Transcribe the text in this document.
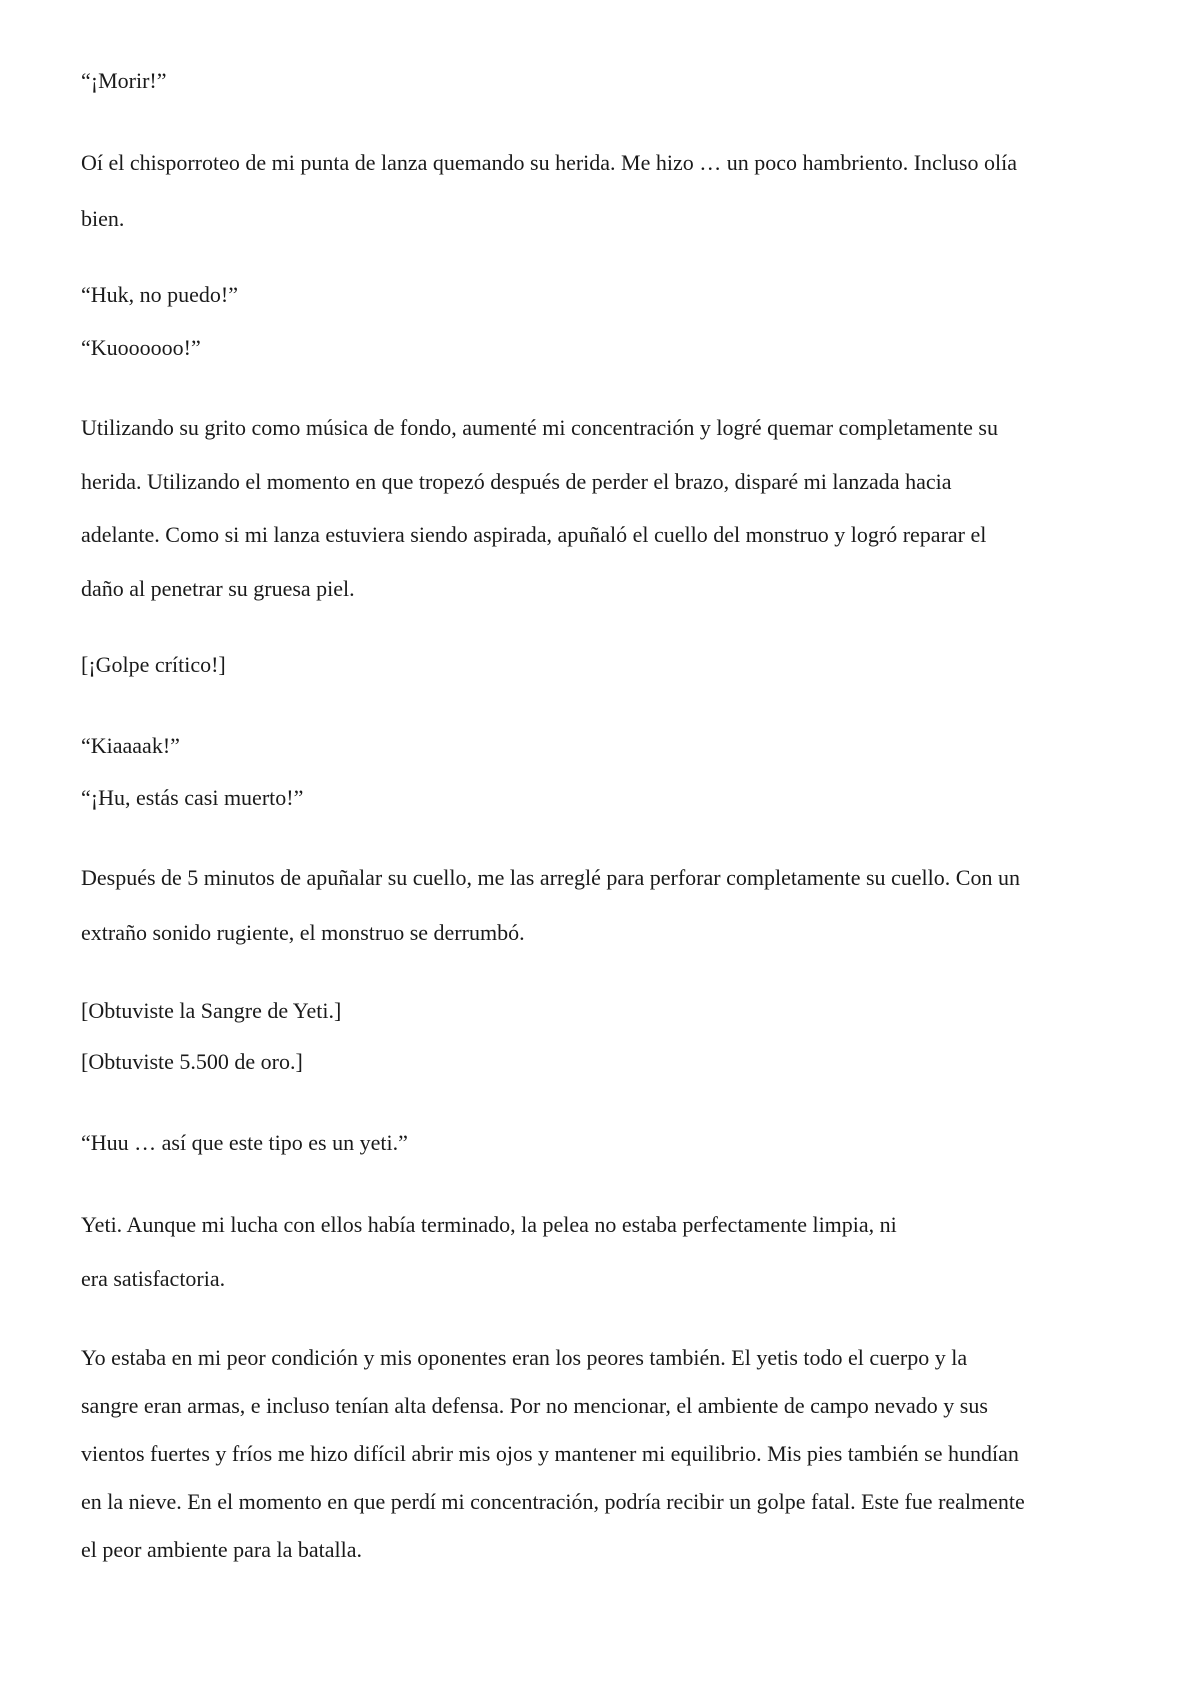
“¡Morir!”

Oí el chisporroteo de mi punta de lanza quemando su herida. Me hizo … un poco hambriento. Incluso olía

bien.

“Huk, no puedo!”

“Kuoooooo!”

Utilizando su grito como música de fondo, aumenté mi concentración y logré quemar completamente su

herida. Utilizando el momento en que tropezó después de perder el brazo, disparé mi lanzada hacia

adelante. Como si mi lanza estuviera siendo aspirada, apuñaló el cuello del monstruo y logró reparar el

daño al penetrar su gruesa piel.

[¡Golpe crítico!]

“Kiaaaak!”

“¡Hu, estás casi muerto!”

Después de 5 minutos de apuñalar su cuello, me las arreglé para perforar completamente su cuello. Con un

extraño sonido rugiente, el monstruo se derrumbó.

[Obtuviste la Sangre de Yeti.]

[Obtuviste 5.500 de oro.]

“Huu … así que este tipo es un yeti.”

Yeti. Aunque mi lucha con ellos había terminado, la pelea no estaba perfectamente limpia, ni

era satisfactoria.

Yo estaba en mi peor condición y mis oponentes eran los peores también. El yetis todo el cuerpo y la

sangre eran armas, e incluso tenían alta defensa. Por no mencionar, el ambiente de campo nevado y sus

vientos fuertes y fríos me hizo difícil abrir mis ojos y mantener mi equilibrio. Mis pies también se hundían

en la nieve. En el momento en que perdí mi concentración, podría recibir un golpe fatal. Este fue realmente

el peor ambiente para la batalla.
